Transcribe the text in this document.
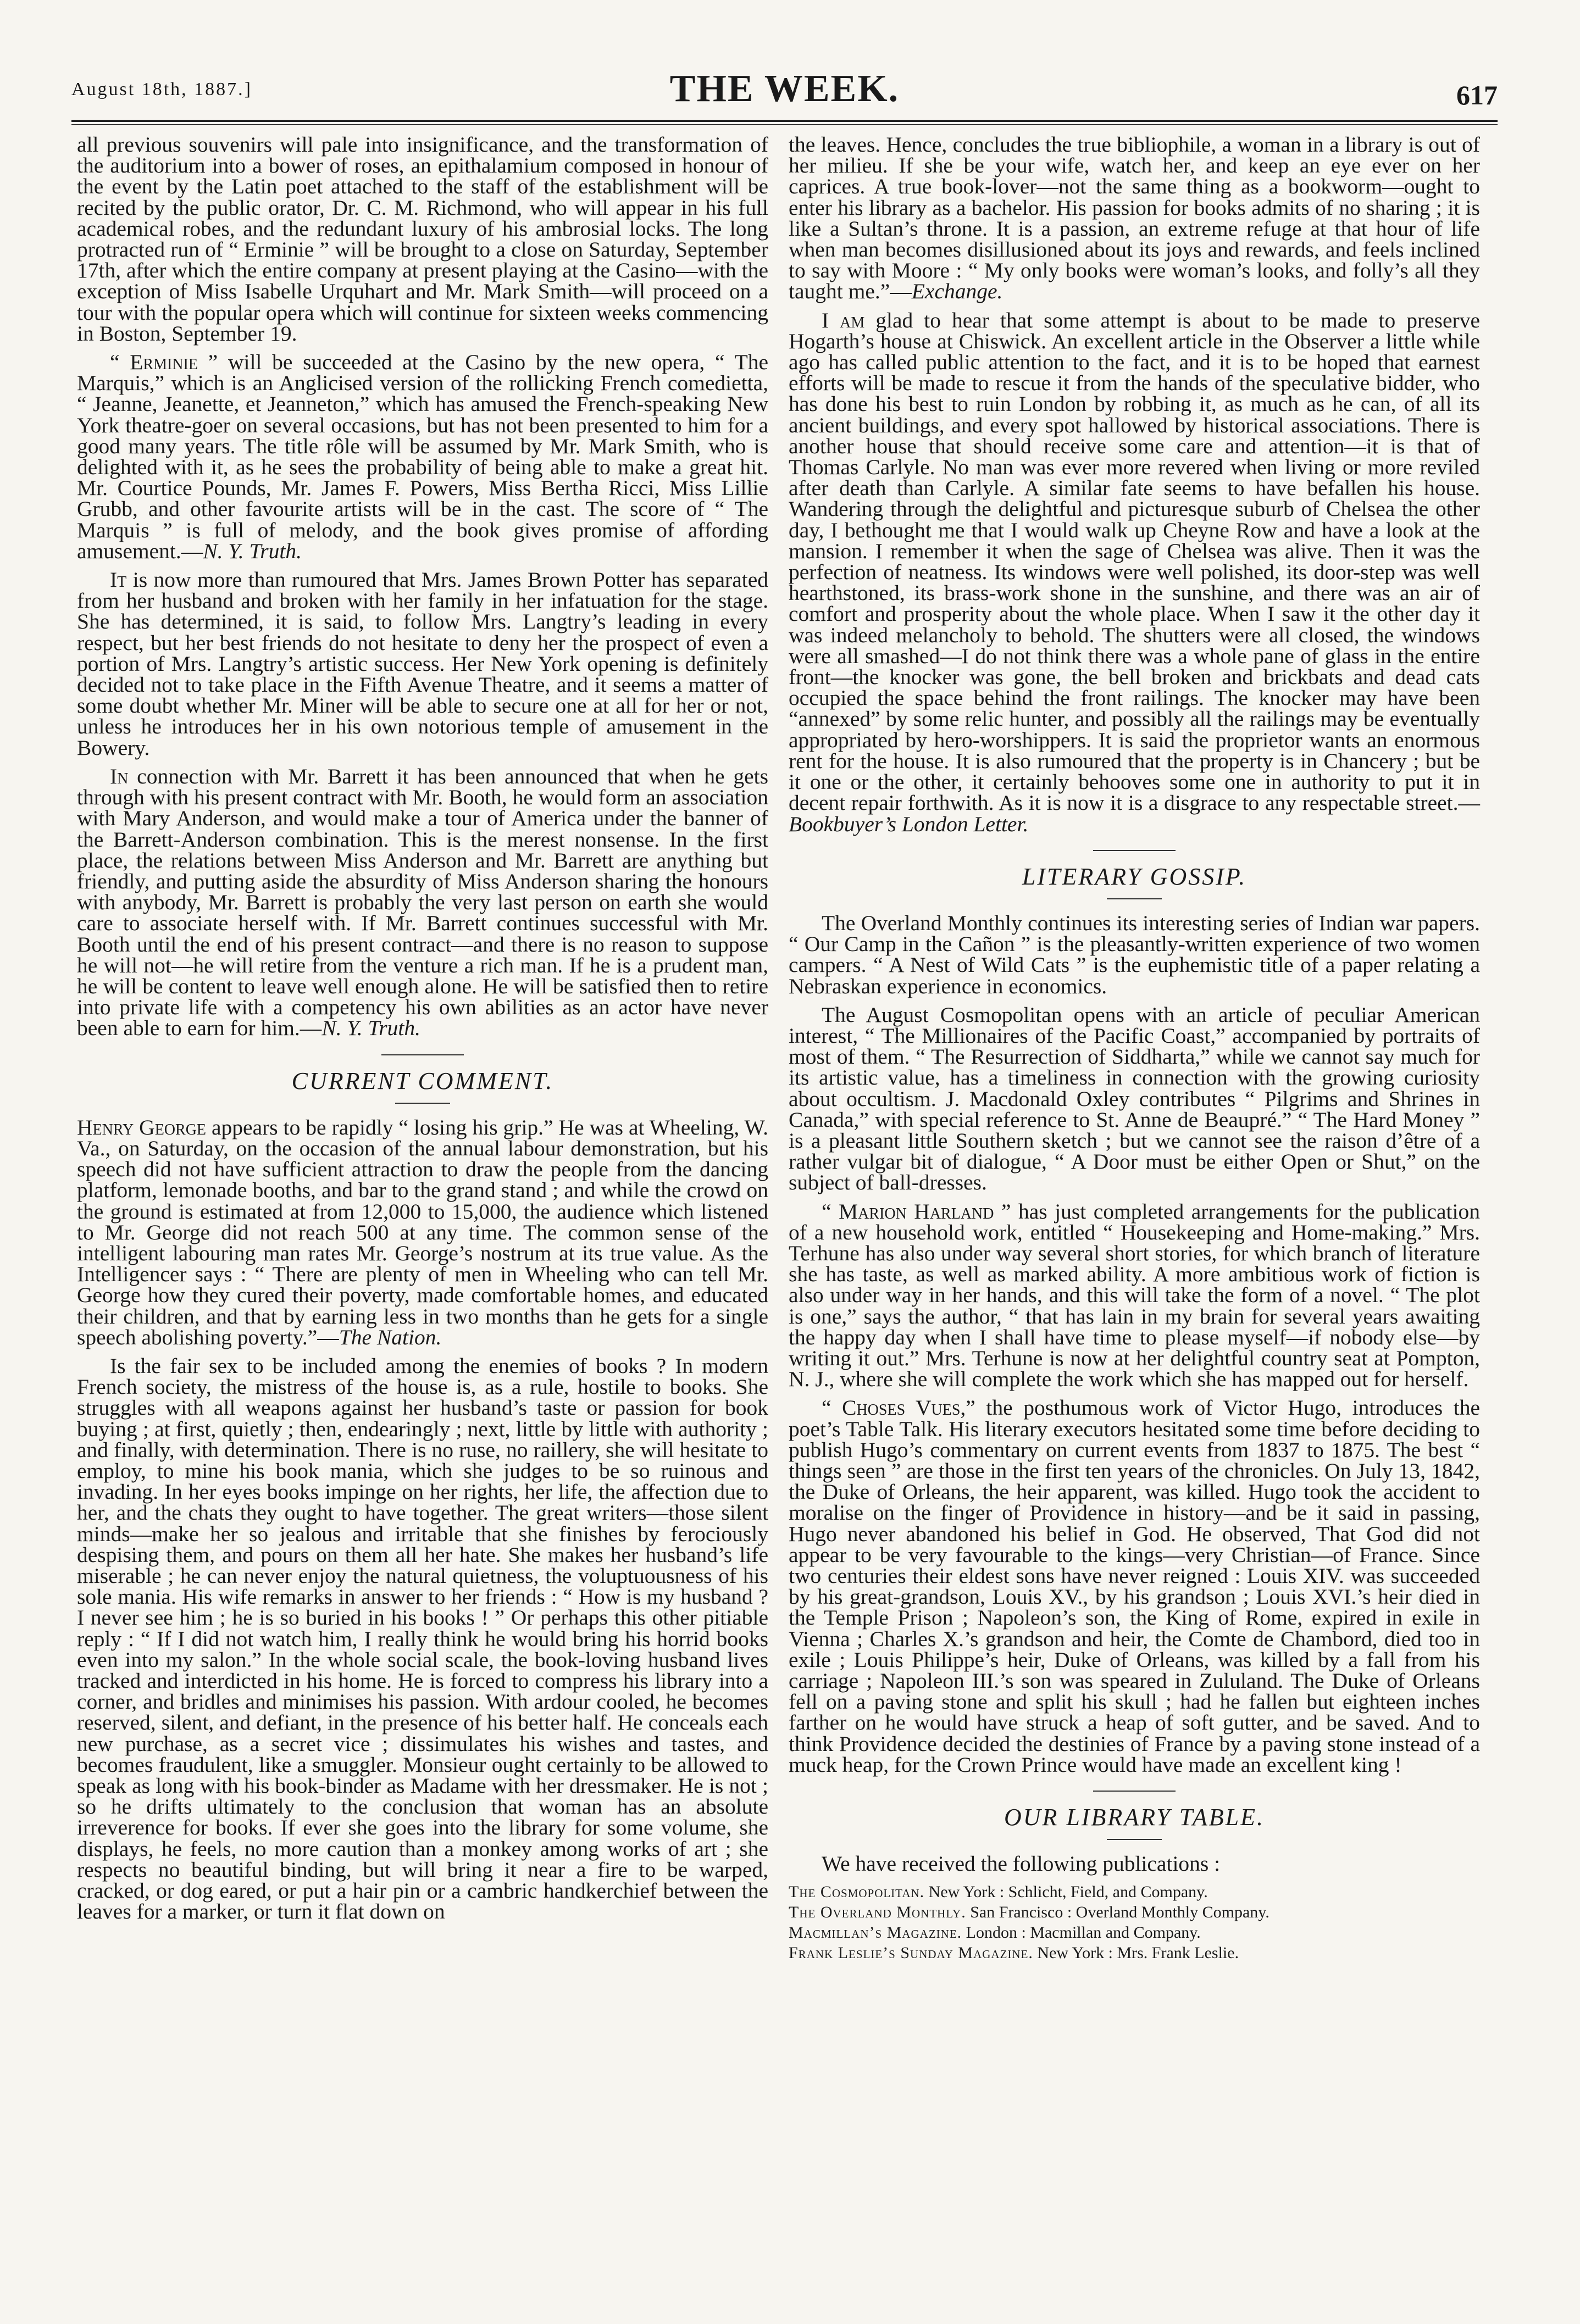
August 18th, 1887.]	THE WEEK.	617

all previous souvenirs will pale into insignificance, and the transformation of the auditorium into a bower of roses, an epithalamium composed in honour of the event by the Latin poet attached to the staff of the establishment will be recited by the public orator, Dr. C. M. Richmond, who will appear in his full academical robes, and the redundant luxury of his ambrosial locks. The long protracted run of “ Erminie ” will be brought to a close on Saturday, September 17th, after which the entire company at present playing at the Casino—with the exception of Miss Isabelle Urquhart and Mr. Mark Smith—will proceed on a tour with the popular opera which will continue for sixteen weeks commencing in Boston, September 19.

“ Erminie ” will be succeeded at the Casino by the new opera, “ The Marquis,” which is an Anglicised version of the rollicking French comedietta, “ Jeanne, Jeanette, et Jeanneton,” which has amused the French-speaking New York theatre-goer on several occasions, but has not been presented to him for a good many years. The title rôle will be assumed by Mr. Mark Smith, who is delighted with it, as he sees the probability of being able to make a great hit. Mr. Courtice Pounds, Mr. James F. Powers, Miss Bertha Ricci, Miss Lillie Grubb, and other favourite artists will be in the cast. The score of “ The Marquis ” is full of melody, and the book gives promise of affording amusement.—N. Y. Truth.

It is now more than rumoured that Mrs. James Brown Potter has separated from her husband and broken with her family in her infatuation for the stage. She has determined, it is said, to follow Mrs. Langtry’s leading in every respect, but her best friends do not hesitate to deny her the prospect of even a portion of Mrs. Langtry’s artistic success. Her New York opening is definitely decided not to take place in the Fifth Avenue Theatre, and it seems a matter of some doubt whether Mr. Miner will be able to secure one at all for her or not, unless he introduces her in his own notorious temple of amusement in the Bowery.

In connection with Mr. Barrett it has been announced that when he gets through with his present contract with Mr. Booth, he would form an association with Mary Anderson, and would make a tour of America under the banner of the Barrett-Anderson combination. This is the merest nonsense. In the first place, the relations between Miss Anderson and Mr. Barrett are anything but friendly, and putting aside the absurdity of Miss Anderson sharing the honours with anybody, Mr. Barrett is probably the very last person on earth she would care to associate herself with. If Mr. Barrett continues successful with Mr. Booth until the end of his present contract—and there is no reason to suppose he will not—he will retire from the venture a rich man. If he is a prudent man, he will be content to leave well enough alone. He will be satisfied then to retire into private life with a competency his own abilities as an actor have never been able to earn for him.—N. Y. Truth.

CURRENT COMMENT.

Henry George appears to be rapidly “ losing his grip.” He was at Wheeling, W. Va., on Saturday, on the occasion of the annual labour demonstration, but his speech did not have sufficient attraction to draw the people from the dancing platform, lemonade booths, and bar to the grand stand ; and while the crowd on the ground is estimated at from 12,000 to 15,000, the audience which listened to Mr. George did not reach 500 at any time. The common sense of the intelligent labouring man rates Mr. George’s nostrum at its true value. As the Intelligencer says : “ There are plenty of men in Wheeling who can tell Mr. George how they cured their poverty, made comfortable homes, and educated their children, and that by earning less in two months than he gets for a single speech abolishing poverty.”—The Nation.

Is the fair sex to be included among the enemies of books ? In modern French society, the mistress of the house is, as a rule, hostile to books. She struggles with all weapons against her husband’s taste or passion for book buying ; at first, quietly ; then, endearingly ; next, little by little with authority ; and finally, with determination. There is no ruse, no raillery, she will hesitate to employ, to mine his book mania, which she judges to be so ruinous and invading. In her eyes books impinge on her rights, her life, the affection due to her, and the chats they ought to have together. The great writers—those silent minds—make her so jealous and irritable that she finishes by ferociously despising them, and pours on them all her hate. She makes her husband’s life miserable ; he can never enjoy the natural quietness, the voluptuousness of his sole mania. His wife remarks in answer to her friends : “ How is my husband ? I never see him ; he is so buried in his books ! ” Or perhaps this other pitiable reply : “ If I did not watch him, I really think he would bring his horrid books even into my salon.” In the whole social scale, the book-loving husband lives tracked and interdicted in his home. He is forced to compress his library into a corner, and bridles and minimises his passion. With ardour cooled, he becomes reserved, silent, and defiant, in the presence of his better half. He conceals each new purchase, as a secret vice ; dissimulates his wishes and tastes, and becomes fraudulent, like a smuggler. Monsieur ought certainly to be allowed to speak as long with his book-binder as Madame with her dressmaker. He is not ; so he drifts ultimately to the conclusion that woman has an absolute irreverence for books. If ever she goes into the library for some volume, she displays, he feels, no more caution than a monkey among works of art ; she respects no beautiful binding, but will bring it near a fire to be warped, cracked, or dog eared, or put a hair pin or a cambric handkerchief between the leaves for a marker, or turn it flat down on

the leaves. Hence, concludes the true bibliophile, a woman in a library is out of her milieu. If she be your wife, watch her, and keep an eye ever on her caprices. A true book-lover—not the same thing as a bookworm—ought to enter his library as a bachelor. His passion for books admits of no sharing ; it is like a Sultan’s throne. It is a passion, an extreme refuge at that hour of life when man becomes disillusioned about its joys and rewards, and feels inclined to say with Moore : “ My only books were woman’s looks, and folly’s all they taught me.”—Exchange.

I am glad to hear that some attempt is about to be made to preserve Hogarth’s house at Chiswick. An excellent article in the Observer a little while ago has called public attention to the fact, and it is to be hoped that earnest efforts will be made to rescue it from the hands of the speculative bidder, who has done his best to ruin London by robbing it, as much as he can, of all its ancient buildings, and every spot hallowed by historical associations. There is another house that should receive some care and attention—it is that of Thomas Carlyle. No man was ever more revered when living or more reviled after death than Carlyle. A similar fate seems to have befallen his house. Wandering through the delightful and picturesque suburb of Chelsea the other day, I bethought me that I would walk up Cheyne Row and have a look at the mansion. I remember it when the sage of Chelsea was alive. Then it was the perfection of neatness. Its windows were well polished, its door-step was well hearthstoned, its brass-work shone in the sunshine, and there was an air of comfort and prosperity about the whole place. When I saw it the other day it was indeed melancholy to behold. The shutters were all closed, the windows were all smashed—I do not think there was a whole pane of glass in the entire front—the knocker was gone, the bell broken and brickbats and dead cats occupied the space behind the front railings. The knocker may have been “annexed” by some relic hunter, and possibly all the railings may be eventually appropriated by hero-worshippers. It is said the proprietor wants an enormous rent for the house. It is also rumoured that the property is in Chancery ; but be it one or the other, it certainly behooves some one in authority to put it in decent repair forthwith. As it is now it is a disgrace to any respectable street.—Bookbuyer’s London Letter.

LITERARY GOSSIP.

The Overland Monthly continues its interesting series of Indian war papers. “ Our Camp in the Cañon ” is the pleasantly-written experience of two women campers. “ A Nest of Wild Cats ” is the euphemistic title of a paper relating a Nebraskan experience in economics.

The August Cosmopolitan opens with an article of peculiar American interest, “ The Millionaires of the Pacific Coast,” accompanied by portraits of most of them. “ The Resurrection of Siddharta,” while we cannot say much for its artistic value, has a timeliness in connection with the growing curiosity about occultism. J. Macdonald Oxley contributes “ Pilgrims and Shrines in Canada,” with special reference to St. Anne de Beaupré.” “ The Hard Money ” is a pleasant little Southern sketch ; but we cannot see the raison d’être of a rather vulgar bit of dialogue, “ A Door must be either Open or Shut,” on the subject of ball-dresses.

“ Marion Harland ” has just completed arrangements for the publication of a new household work, entitled “ Housekeeping and Home-making.” Mrs. Terhune has also under way several short stories, for which branch of literature she has taste, as well as marked ability. A more ambitious work of fiction is also under way in her hands, and this will take the form of a novel. “ The plot is one,” says the author, “ that has lain in my brain for several years awaiting the happy day when I shall have time to please myself—if nobody else—by writing it out.” Mrs. Terhune is now at her delightful country seat at Pompton, N. J., where she will complete the work which she has mapped out for herself.

“ Choses Vues,” the posthumous work of Victor Hugo, introduces the poet’s Table Talk. His literary executors hesitated some time before deciding to publish Hugo’s commentary on current events from 1837 to 1875. The best “ things seen ” are those in the first ten years of the chronicles. On July 13, 1842, the Duke of Orleans, the heir apparent, was killed. Hugo took the accident to moralise on the finger of Providence in history—and be it said in passing, Hugo never abandoned his belief in God. He observed, That God did not appear to be very favourable to the kings—very Christian—of France. Since two centuries their eldest sons have never reigned : Louis XIV. was succeeded by his great-grandson, Louis XV., by his grandson ; Louis XVI.’s heir died in the Temple Prison ; Napoleon’s son, the King of Rome, expired in exile in Vienna ; Charles X.’s grandson and heir, the Comte de Chambord, died too in exile ; Louis Philippe’s heir, Duke of Orleans, was killed by a fall from his carriage ; Napoleon III.’s son was speared in Zululand. The Duke of Orleans fell on a paving stone and split his skull ; had he fallen but eighteen inches farther on he would have struck a heap of soft gutter, and be saved. And to think Providence decided the destinies of France by a paving stone instead of a muck heap, for the Crown Prince would have made an excellent king !

OUR LIBRARY TABLE.

We have received the following publications :

The Cosmopolitan. New York : Schlicht, Field, and Company.
The Overland Monthly. San Francisco : Overland Monthly Company.
Macmillan’s Magazine. London : Macmillan and Company.
Frank Leslie’s Sunday Magazine. New York : Mrs. Frank Leslie.
